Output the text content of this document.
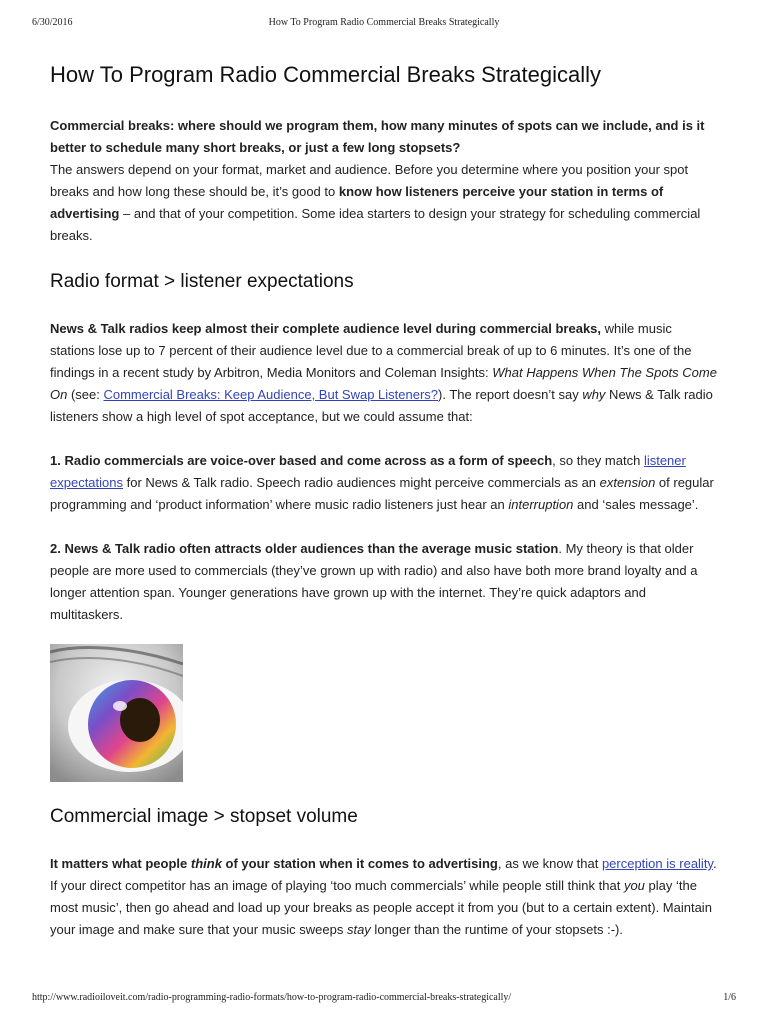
6/30/2016	How To Program Radio Commercial Breaks Strategically
How To Program Radio Commercial Breaks Strategically

Commercial breaks: where should we program them, how many minutes of spots can we include, and is it better to schedule many short breaks, or just a few long stopsets?

The answers depend on your format, market and audience. Before you determine where you position your spot breaks and how long these should be, it’s good to know how listeners perceive your station in terms of advertising – and that of your competition. Some idea starters to design your strategy for scheduling commercial breaks.

Radio format > listener expectations

News & Talk radios keep almost their complete audience level during commercial breaks, while music stations lose up to 7 percent of their audience level due to a commercial break of up to 6 minutes. It’s one of the findings in a recent study by Arbitron, Media Monitors and Coleman Insights: What Happens When The Spots Come On (see: Commercial Breaks: Keep Audience, But Swap Listeners?). The report doesn’t say why News & Talk radio listeners show a high level of spot acceptance, but we could assume that:

1. Radio commercials are voice-over based and come across as a form of speech, so they match listener expectations for News & Talk radio. Speech radio audiences might perceive commercials as an extension of regular programming and ‘product information’ where music radio listeners just hear an interruption and ‘sales message’.

2. News & Talk radio often attracts older audiences than the average music station. My theory is that older people are more used to commercials (they’ve grown up with radio) and also have both more brand loyalty and a longer attention span. Younger generations have grown up with the internet. They’re quick adaptors and multitaskers.

Commercial image > stopset volume

It matters what people think of your station when it comes to advertising, as we know that perception is reality. If your direct competitor has an image of playing ‘too much commercials’ while people still think that you play ‘the most music’, then go ahead and load up your breaks as people accept it from you (but to a certain extent). Maintain your image and make sure that your music sweeps stay longer than the runtime of your stopsets :-).

http://www.radioiloveit.com/radio-programming-radio-formats/how-to-program-radio-commercial-breaks-strategically/	1/6
